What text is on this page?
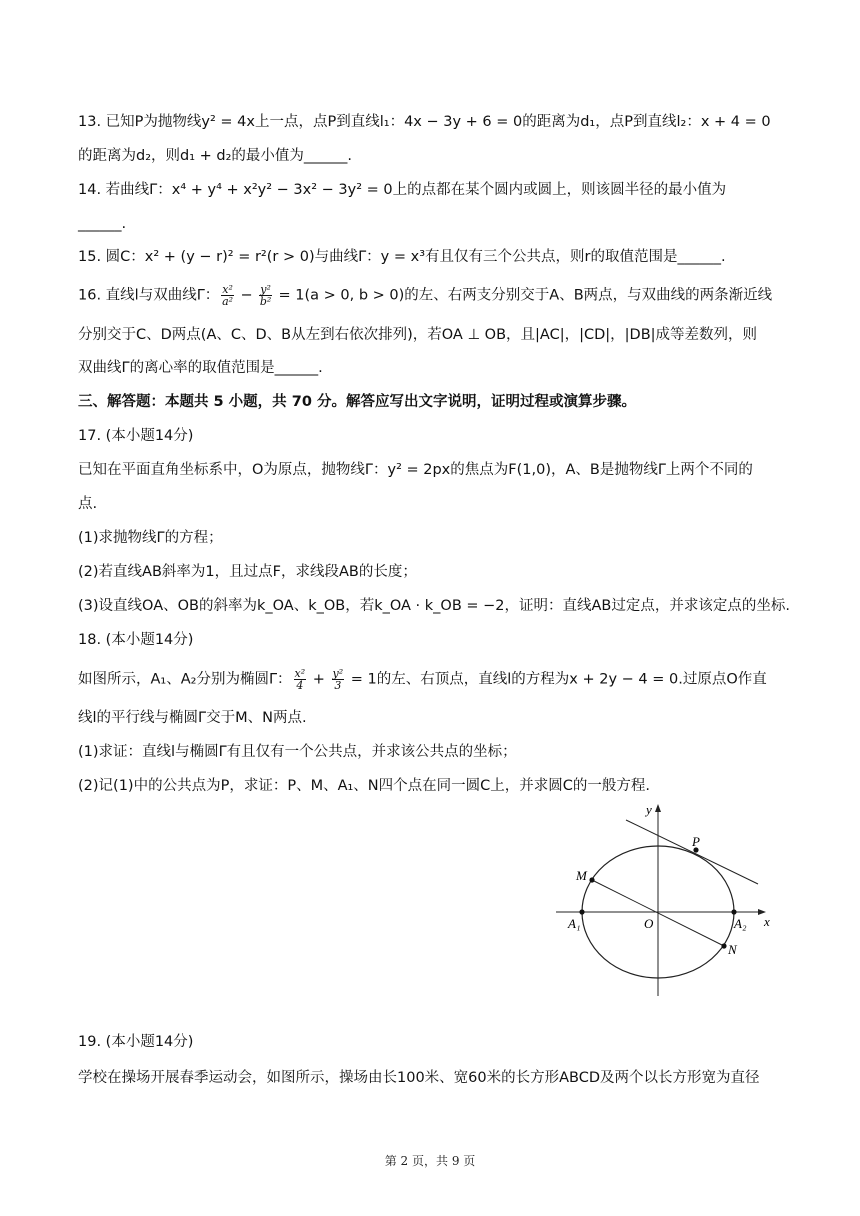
13. 已知P为抛物线y² = 4x上一点，点P到直线l₁：4x − 3y + 6 = 0的距离为d₁，点P到直线l₂：x + 4 = 0
的距离为d₂，则d₁ + d₂的最小值为______.
14. 若曲线Γ：x⁴ + y⁴ + x²y² − 3x² − 3y² = 0上的点都在某个圆内或圆上，则该圆半径的最小值为
______.
15. 圆C：x² + (y − r)² = r²(r > 0)与曲线Γ：y = x³有且仅有三个公共点，则r的取值范围是______.
16. 直线l与双曲线Γ： $\frac{\text{x²}}{\text{a²}} - \frac{\text{y²}}{\text{b²}} = 1(a > 0$, b > 0)的左、右两支分别交于A、B两点，与双曲线的两条渐近线
分别交于C、D两点(A、C、D、B从左到右依次排列)，若OA ⊥ OB，且|AC|，|CD|，|DB|成等差数列，则
双曲线Γ的离心率的取值范围是______.
三、解答题：本题共 5 小题，共 70 分。解答应写出文字说明，证明过程或演算步骤。
17. (本小题14分)
已知在平面直角坐标系中，O为原点，抛物线Γ：y² = 2px的焦点为F(1,0)，A、B是抛物线Γ上两个不同的
点.
(1)求抛物线Γ的方程；
(2)若直线AB斜率为1，且过点F，求线段AB的长度；
(3)设直线OA、OB的斜率为k_OA、k_OB，若k_OA · k_OB = −2，证明：直线AB过定点，并求该定点的坐标.
18. (本小题14分)
如图所示，A₁、A₂分别为椭圆Γ： $\frac{\text{x²}}{4} + \frac{\text{y²}}{3} = 1$的左、右顶点，直线l的方程为x + 2y − 4 = 0.过原点O作直
线l的平行线与椭圆Γ交于M、N两点.
(1)求证：直线l与椭圆Γ有且仅有一个公共点，并求该公共点的坐标；
(2)记(1)中的公共点为P，求证：P、M、A₁、N四个点在同一圆C上，并求圆C的一般方程.
y
x
P
M
O
A₁	A₂
N
19. (本小题14分)
学校在操场开展春季运动会，如图所示，操场由长100米、宽60米的长方形ABCD及两个以长方形宽为直径
第 2 页，共 9 页
